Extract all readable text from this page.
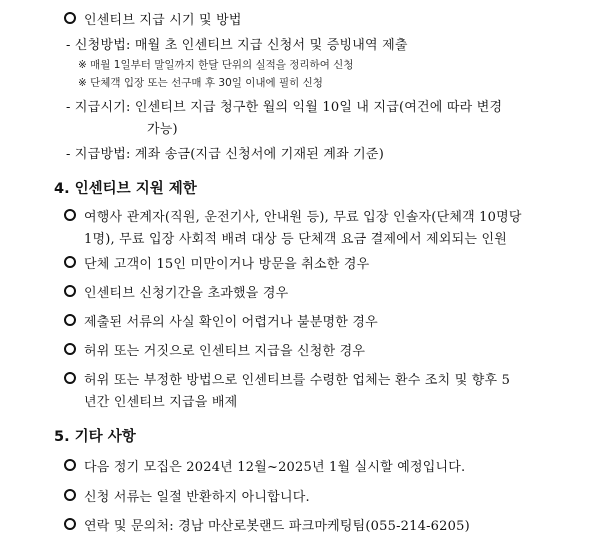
인센티브 지급 시기 및 방법
- 신청방법: 매월 초 인센티브 지급 신청서 및 증빙내역 제출
※ 매월 1일부터 말일까지 한달 단위의 실적을 정리하여 신청
※ 단체객 입장 또는 선구매 후 30일 이내에 필히 신청
- 지급시기: 인센티브 지급 청구한 월의 익월 10일 내 지급(여건에 따라 변경
가능)
- 지급방법: 계좌 송금(지급 신청서에 기재된 계좌 기준)
4. 인센티브 지원 제한
여행사 관계자(직원, 운전기사, 안내원 등), 무료 입장 인솔자(단체객 10명당
1명), 무료 입장 사회적 배려 대상 등 단체객 요금 결제에서 제외되는 인원
단체 고객이 15인 미만이거나 방문을 취소한 경우
인센티브 신청기간을 초과했을 경우
제출된 서류의 사실 확인이 어렵거나 불분명한 경우
허위 또는 거짓으로 인센티브 지급을 신청한 경우
허위 또는 부정한 방법으로 인센티브를 수령한 업체는 환수 조치 및 향후 5
년간 인센티브 지급을 배제
5. 기타 사항
다음 정기 모집은 2024년 12월~2025년 1월 실시할 예정입니다.
신청 서류는 일절 반환하지 아니합니다.
연락 및 문의처: 경남 마산로봇랜드 파크마케팅팀(055-214-6205)
